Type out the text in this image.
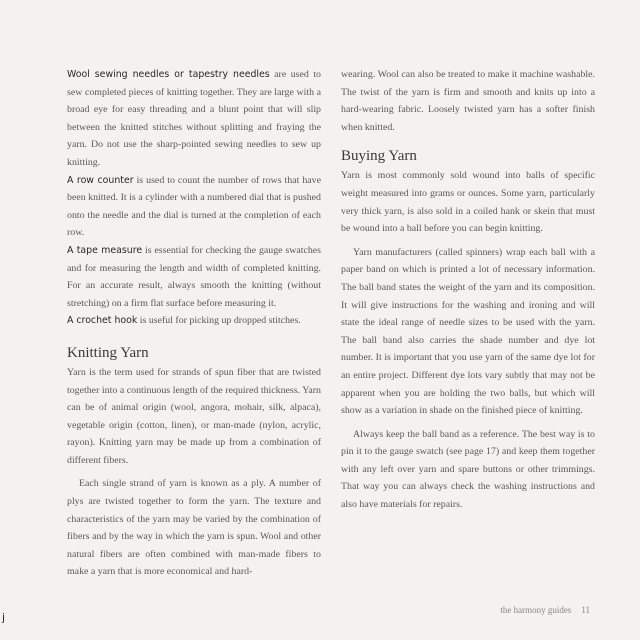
Wool sewing needles or tapestry needles are used to sew completed pieces of knitting together. They are large with a broad eye for easy threading and a blunt point that will slip between the knitted stitches without splitting and fraying the yarn. Do not use the sharp-pointed sewing needles to sew up knitting.

A row counter is used to count the number of rows that have been knitted. It is a cylinder with a numbered dial that is pushed onto the needle and the dial is turned at the completion of each row.

A tape measure is essential for checking the gauge swatches and for measuring the length and width of completed knitting. For an accurate result, always smooth the knitting (without stretching) on a firm flat surface before measuring it.

A crochet hook is useful for picking up dropped stitches.

Knitting Yarn

Yarn is the term used for strands of spun fiber that are twisted together into a continuous length of the required thickness. Yarn can be of animal origin (wool, angora, mohair, silk, alpaca), vegetable origin (cotton, linen), or man-made (nylon, acrylic, rayon). Knitting yarn may be made up from a combination of different fibers.

Each single strand of yarn is known as a ply. A number of plys are twisted together to form the yarn. The texture and characteristics of the yarn may be varied by the combination of fibers and by the way in which the yarn is spun. Wool and other natural fibers are often combined with man-made fibers to make a yarn that is more economical and hard-

wearing. Wool can also be treated to make it machine washable. The twist of the yarn is firm and smooth and knits up into a hard-wearing fabric. Loosely twisted yarn has a softer finish when knitted.

Buying Yarn

Yarn is most commonly sold wound into balls of specific weight measured into grams or ounces. Some yarn, particularly very thick yarn, is also sold in a coiled hank or skein that must be wound into a ball before you can begin knitting.

Yarn manufacturers (called spinners) wrap each ball with a paper band on which is printed a lot of necessary information. The ball band states the weight of the yarn and its composition. It will give instructions for the washing and ironing and will state the ideal range of needle sizes to be used with the yarn. The ball band also carries the shade number and dye lot number. It is important that you use yarn of the same dye lot for an entire project. Different dye lots vary subtly that may not be apparent when you are holding the two balls, but which will show as a variation in shade on the finished piece of knitting.

Always keep the ball band as a reference. The best way is to pin it to the gauge swatch (see page 17) and keep them together with any left over yarn and spare buttons or other trimmings. That way you can always check the washing instructions and also have materials for repairs.

the harmony guides 11
j
